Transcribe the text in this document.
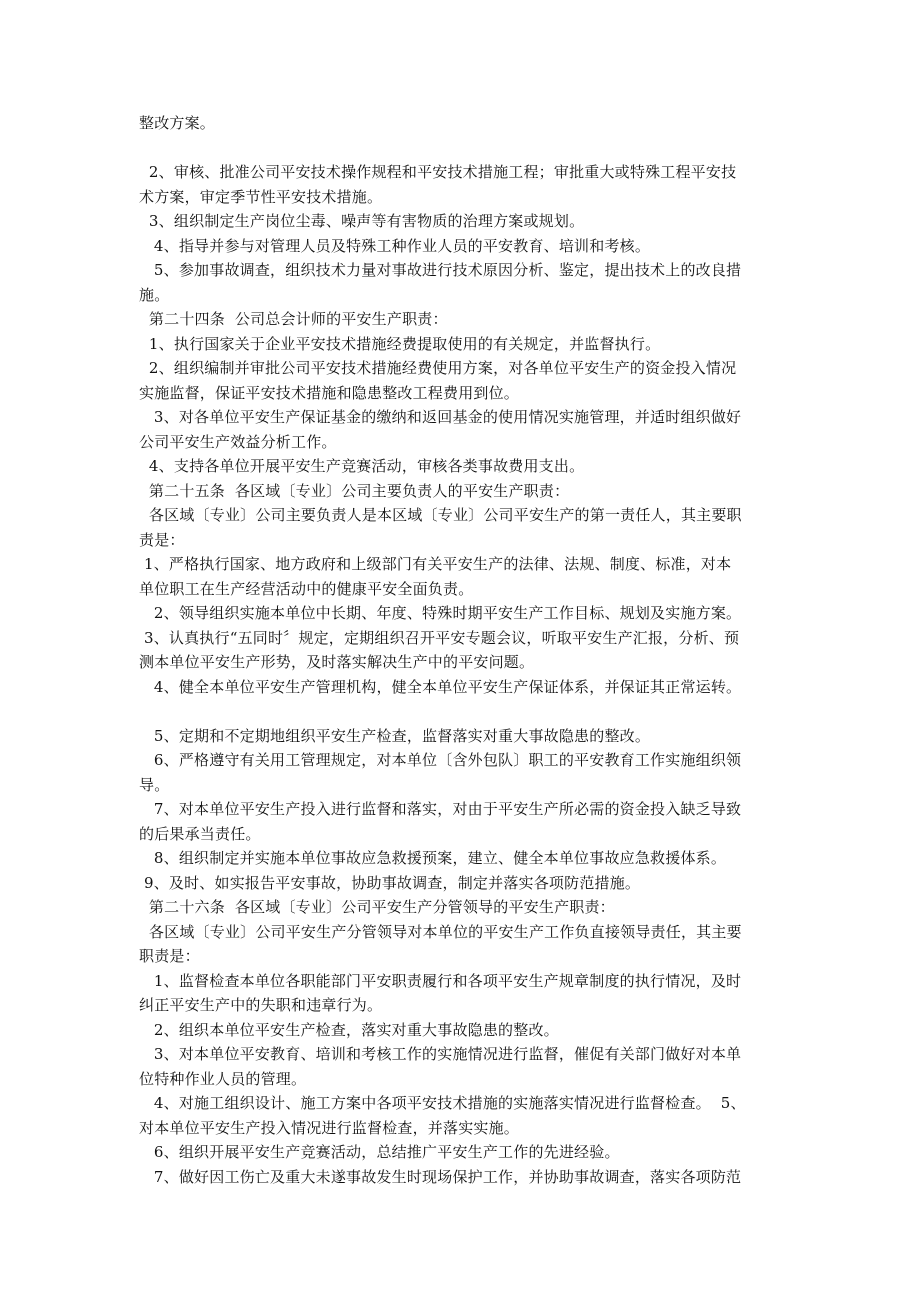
整改方案。
2、审核、批准公司平安技术操作规程和平安技术措施工程；审批重大或特殊工程平安技
术方案，审定季节性平安技术措施。
3、组织制定生产岗位尘毒、噪声等有害物质的治理方案或规划。
4、指导并参与对管理人员及特殊工种作业人员的平安教育、培训和考核。
5、参加事故调查，组织技术力量对事故进行技术原因分析、鉴定，提出技术上的改良措
施。
第二十四条  公司总会计师的平安生产职责：
1、执行国家关于企业平安技术措施经费提取使用的有关规定，并监督执行。
2、组织编制并审批公司平安技术措施经费使用方案，对各单位平安生产的资金投入情况
实施监督，保证平安技术措施和隐患整改工程费用到位。
3、对各单位平安生产保证基金的缴纳和返回基金的使用情况实施管理，并适时组织做好
公司平安生产效益分析工作。
4、支持各单位开展平安生产竞赛活动，审核各类事故费用支出。
第二十五条  各区域〔专业〕公司主要负责人的平安生产职责：
各区域〔专业〕公司主要负责人是本区域〔专业〕公司平安生产的第一责任人，其主要职
责是：
1、严格执行国家、地方政府和上级部门有关平安生产的法律、法规、制度、标准，对本
单位职工在生产经营活动中的健康平安全面负责。
2、领导组织实施本单位中长期、年度、特殊时期平安生产工作目标、规划及实施方案。
3、认真执行“五同时〞规定，定期组织召开平安专题会议，听取平安生产汇报，分析、预
测本单位平安生产形势，及时落实解决生产中的平安问题。
4、健全本单位平安生产管理机构，健全本单位平安生产保证体系，并保证其正常运转。
5、定期和不定期地组织平安生产检查，监督落实对重大事故隐患的整改。
6、严格遵守有关用工管理规定，对本单位〔含外包队〕职工的平安教育工作实施组织领
导。
7、对本单位平安生产投入进行监督和落实，对由于平安生产所必需的资金投入缺乏导致
的后果承当责任。
8、组织制定并实施本单位事故应急救援预案，建立、健全本单位事故应急救援体系。
9、及时、如实报告平安事故，协助事故调查，制定并落实各项防范措施。
第二十六条  各区域〔专业〕公司平安生产分管领导的平安生产职责：
各区域〔专业〕公司平安生产分管领导对本单位的平安生产工作负直接领导责任，其主要
职责是：
1、监督检查本单位各职能部门平安职责履行和各项平安生产规章制度的执行情况，及时
纠正平安生产中的失职和违章行为。
2、组织本单位平安生产检查，落实对重大事故隐患的整改。
3、对本单位平安教育、培训和考核工作的实施情况进行监督，催促有关部门做好对本单
位特种作业人员的管理。
4、对施工组织设计、施工方案中各项平安技术措施的实施落实情况进行监督检查。  5、
对本单位平安生产投入情况进行监督检查，并落实实施。
6、组织开展平安生产竞赛活动，总结推广平安生产工作的先进经验。
7、做好因工伤亡及重大未遂事故发生时现场保护工作，并协助事故调查，落实各项防范
